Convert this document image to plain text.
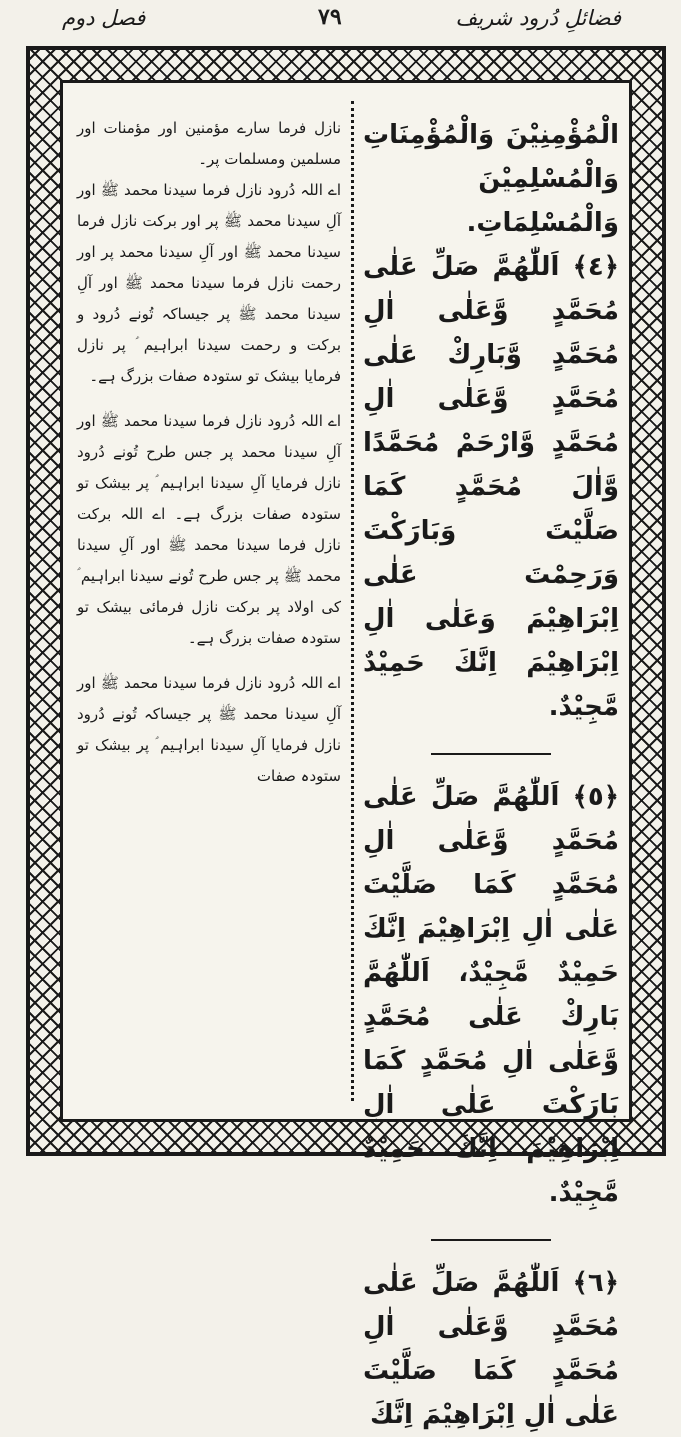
فضائلِ دُرود شریف
٧٩
فصل دوم

الْمُؤْمِنِيْنَ وَالْمُؤْمِنَاتِ وَالْمُسْلِمِيْنَ وَالْمُسْلِمَاتِ.

﴿٤﴾ اَللّٰهُمَّ صَلِّ عَلٰى مُحَمَّدٍ وَّعَلٰى اٰلِ مُحَمَّدٍ وَّبَارِكْ عَلٰى مُحَمَّدٍ وَّعَلٰى اٰلِ مُحَمَّدٍ وَّارْحَمْ مُحَمَّدًا وَّاٰلَ مُحَمَّدٍ كَمَا صَلَّيْتَ وَبَارَكْتَ وَرَحِمْتَ عَلٰى اِبْرَاهِيْمَ وَعَلٰى اٰلِ اِبْرَاهِيْمَ اِنَّكَ حَمِيْدٌ مَّجِيْدٌ.

﴿٥﴾ اَللّٰهُمَّ صَلِّ عَلٰى مُحَمَّدٍ وَّعَلٰى اٰلِ مُحَمَّدٍ كَمَا صَلَّيْتَ عَلٰى اٰلِ اِبْرَاهِيْمَ اِنَّكَ حَمِيْدٌ مَّجِيْدٌ، اَللّٰهُمَّ بَارِكْ عَلٰى مُحَمَّدٍ وَّعَلٰى اٰلِ مُحَمَّدٍ كَمَا بَارَكْتَ عَلٰى اٰلِ اِبْرَاهِيْمَ اِنَّكَ حَمِيْدٌ مَّجِيْدٌ.

﴿٦﴾ اَللّٰهُمَّ صَلِّ عَلٰى مُحَمَّدٍ وَّعَلٰى اٰلِ مُحَمَّدٍ كَمَا صَلَّيْتَ عَلٰى اٰلِ اِبْرَاهِيْمَ اِنَّكَ

نازل فرما سارے مؤمنین اور مؤمنات اور مسلمین ومسلمات پر۔

اے اللہ دُرود نازل فرما سیدنا محمد ﷺ اور آلِ سیدنا محمد ﷺ پر اور برکت نازل فرما سیدنا محمد ﷺ اور آلِ سیدنا محمد پر اور رحمت نازل فرما سیدنا محمد ﷺ اور آلِ سیدنا محمد ﷺ پر جیساکہ تُونے دُرود و برکت و رحمت سیدنا ابراہیم ؑ پر نازل فرمایا بیشک تو ستودہ صفات بزرگ ہے۔

اے اللہ دُرود نازل فرما سیدنا محمد ﷺ اور آلِ سیدنا محمد پر جس طرح تُونے دُرود نازل فرمایا آلِ سیدنا ابراہیم ؑ پر بیشک تو ستودہ صفات بزرگ ہے۔ اے اللہ برکت نازل فرما سیدنا محمد ﷺ اور آلِ سیدنا محمد ﷺ پر جس طرح تُونے سیدنا ابراہیم ؑ کی اولاد پر برکت نازل فرمائی بیشک تو ستودہ صفات بزرگ ہے۔

اے اللہ دُرود نازل فرما سیدنا محمد ﷺ اور آلِ سیدنا محمد ﷺ پر جیساکہ تُونے دُرود نازل فرمایا آلِ سیدنا ابراہیم ؑ پر بیشک تو ستودہ صفات
